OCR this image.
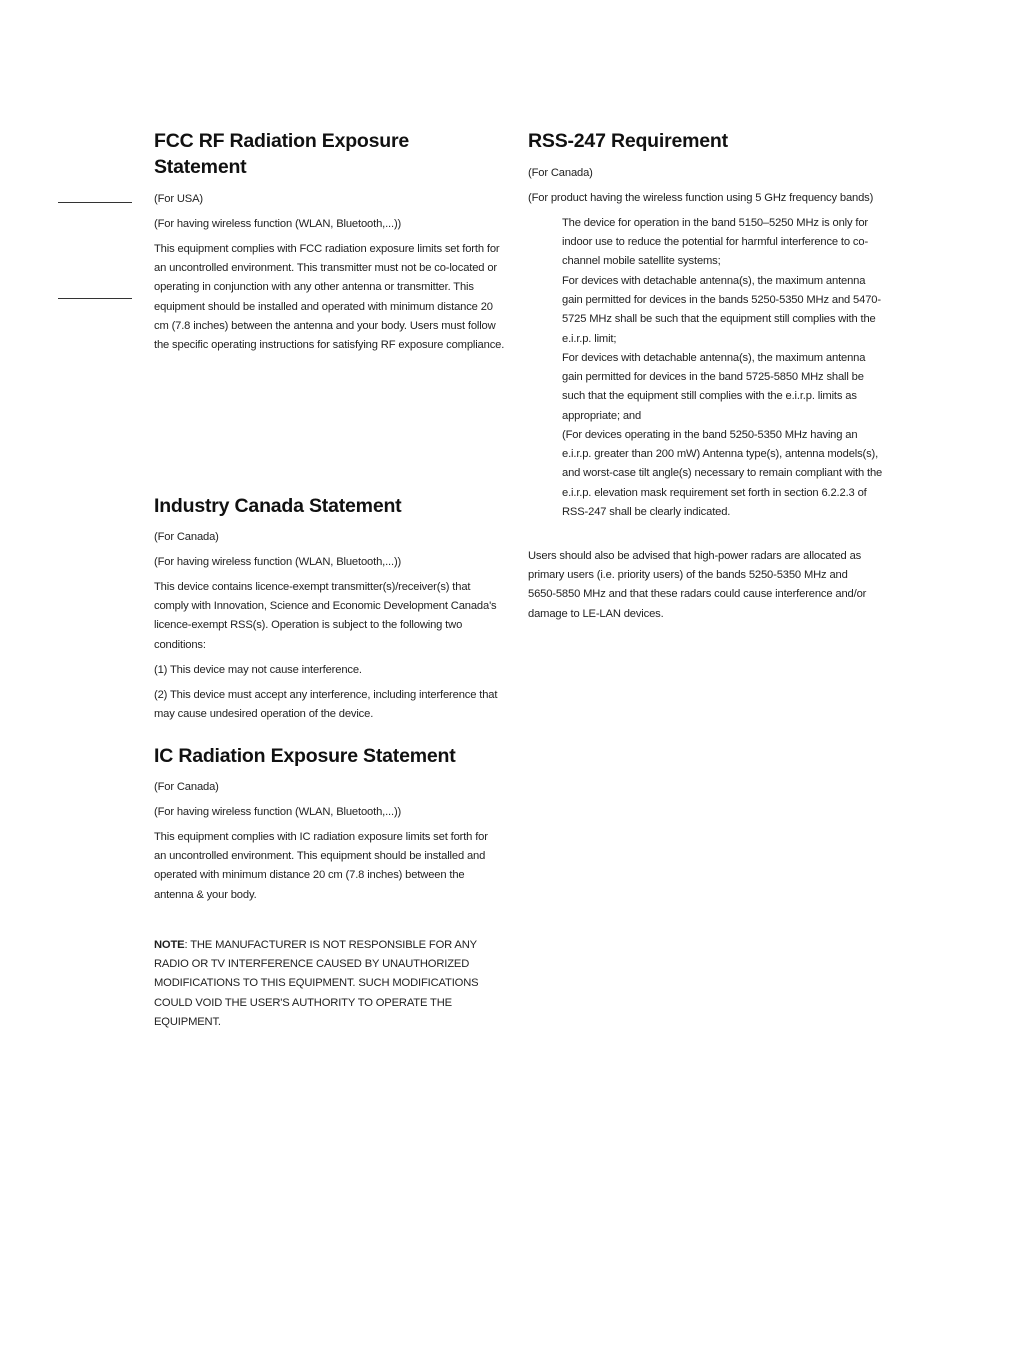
FCC RF Radiation Exposure Statement

(For USA)

(For having wireless function (WLAN, Bluetooth,...))

This equipment complies with FCC radiation exposure limits set forth for an uncontrolled environment. This transmitter must not be co-located or operating in conjunction with any other antenna or transmitter. This equipment should be installed and operated with minimum distance 20 cm (7.8 inches) between the antenna and your body. Users must follow the specific operating instructions for satisfying RF exposure compliance.

Industry Canada Statement

(For Canada)

(For having wireless function (WLAN, Bluetooth,...))

This device contains licence-exempt transmitter(s)/receiver(s) that comply with Innovation, Science and Economic Development Canada's licence-exempt RSS(s). Operation is subject to the following two conditions:

(1) This device may not cause interference.

(2) This device must accept any interference, including interference that may cause undesired operation of the device.

IC Radiation Exposure Statement

(For Canada)

(For having wireless function (WLAN, Bluetooth,...))

This equipment complies with IC radiation exposure limits set forth for an uncontrolled environment. This equipment should be installed and operated with minimum distance 20 cm (7.8 inches) between the antenna & your body.

NOTE: THE MANUFACTURER IS NOT RESPONSIBLE FOR ANY RADIO OR TV INTERFERENCE CAUSED BY UNAUTHORIZED MODIFICATIONS TO THIS EQUIPMENT. SUCH MODIFICATIONS COULD VOID THE USER'S AUTHORITY TO OPERATE THE EQUIPMENT.

RSS-247 Requirement

(For Canada)

(For product having the wireless function using 5 GHz frequency bands)

The device for operation in the band 5150–5250 MHz is only for indoor use to reduce the potential for harmful interference to co-channel mobile satellite systems;

For devices with detachable antenna(s), the maximum antenna gain permitted for devices in the bands 5250-5350 MHz and 5470-5725 MHz shall be such that the equipment still complies with the e.i.r.p. limit;

For devices with detachable antenna(s), the maximum antenna gain permitted for devices in the band 5725-5850 MHz shall be such that the equipment still complies with the e.i.r.p. limits as appropriate; and

(For devices operating in the band 5250-5350 MHz having an e.i.r.p. greater than 200 mW) Antenna type(s), antenna models(s), and worst-case tilt angle(s) necessary to remain compliant with the e.i.r.p. elevation mask requirement set forth in section 6.2.2.3 of RSS-247 shall be clearly indicated.

Users should also be advised that high-power radars are allocated as primary users (i.e. priority users) of the bands 5250-5350 MHz and 5650-5850 MHz and that these radars could cause interference and/or damage to LE-LAN devices.
